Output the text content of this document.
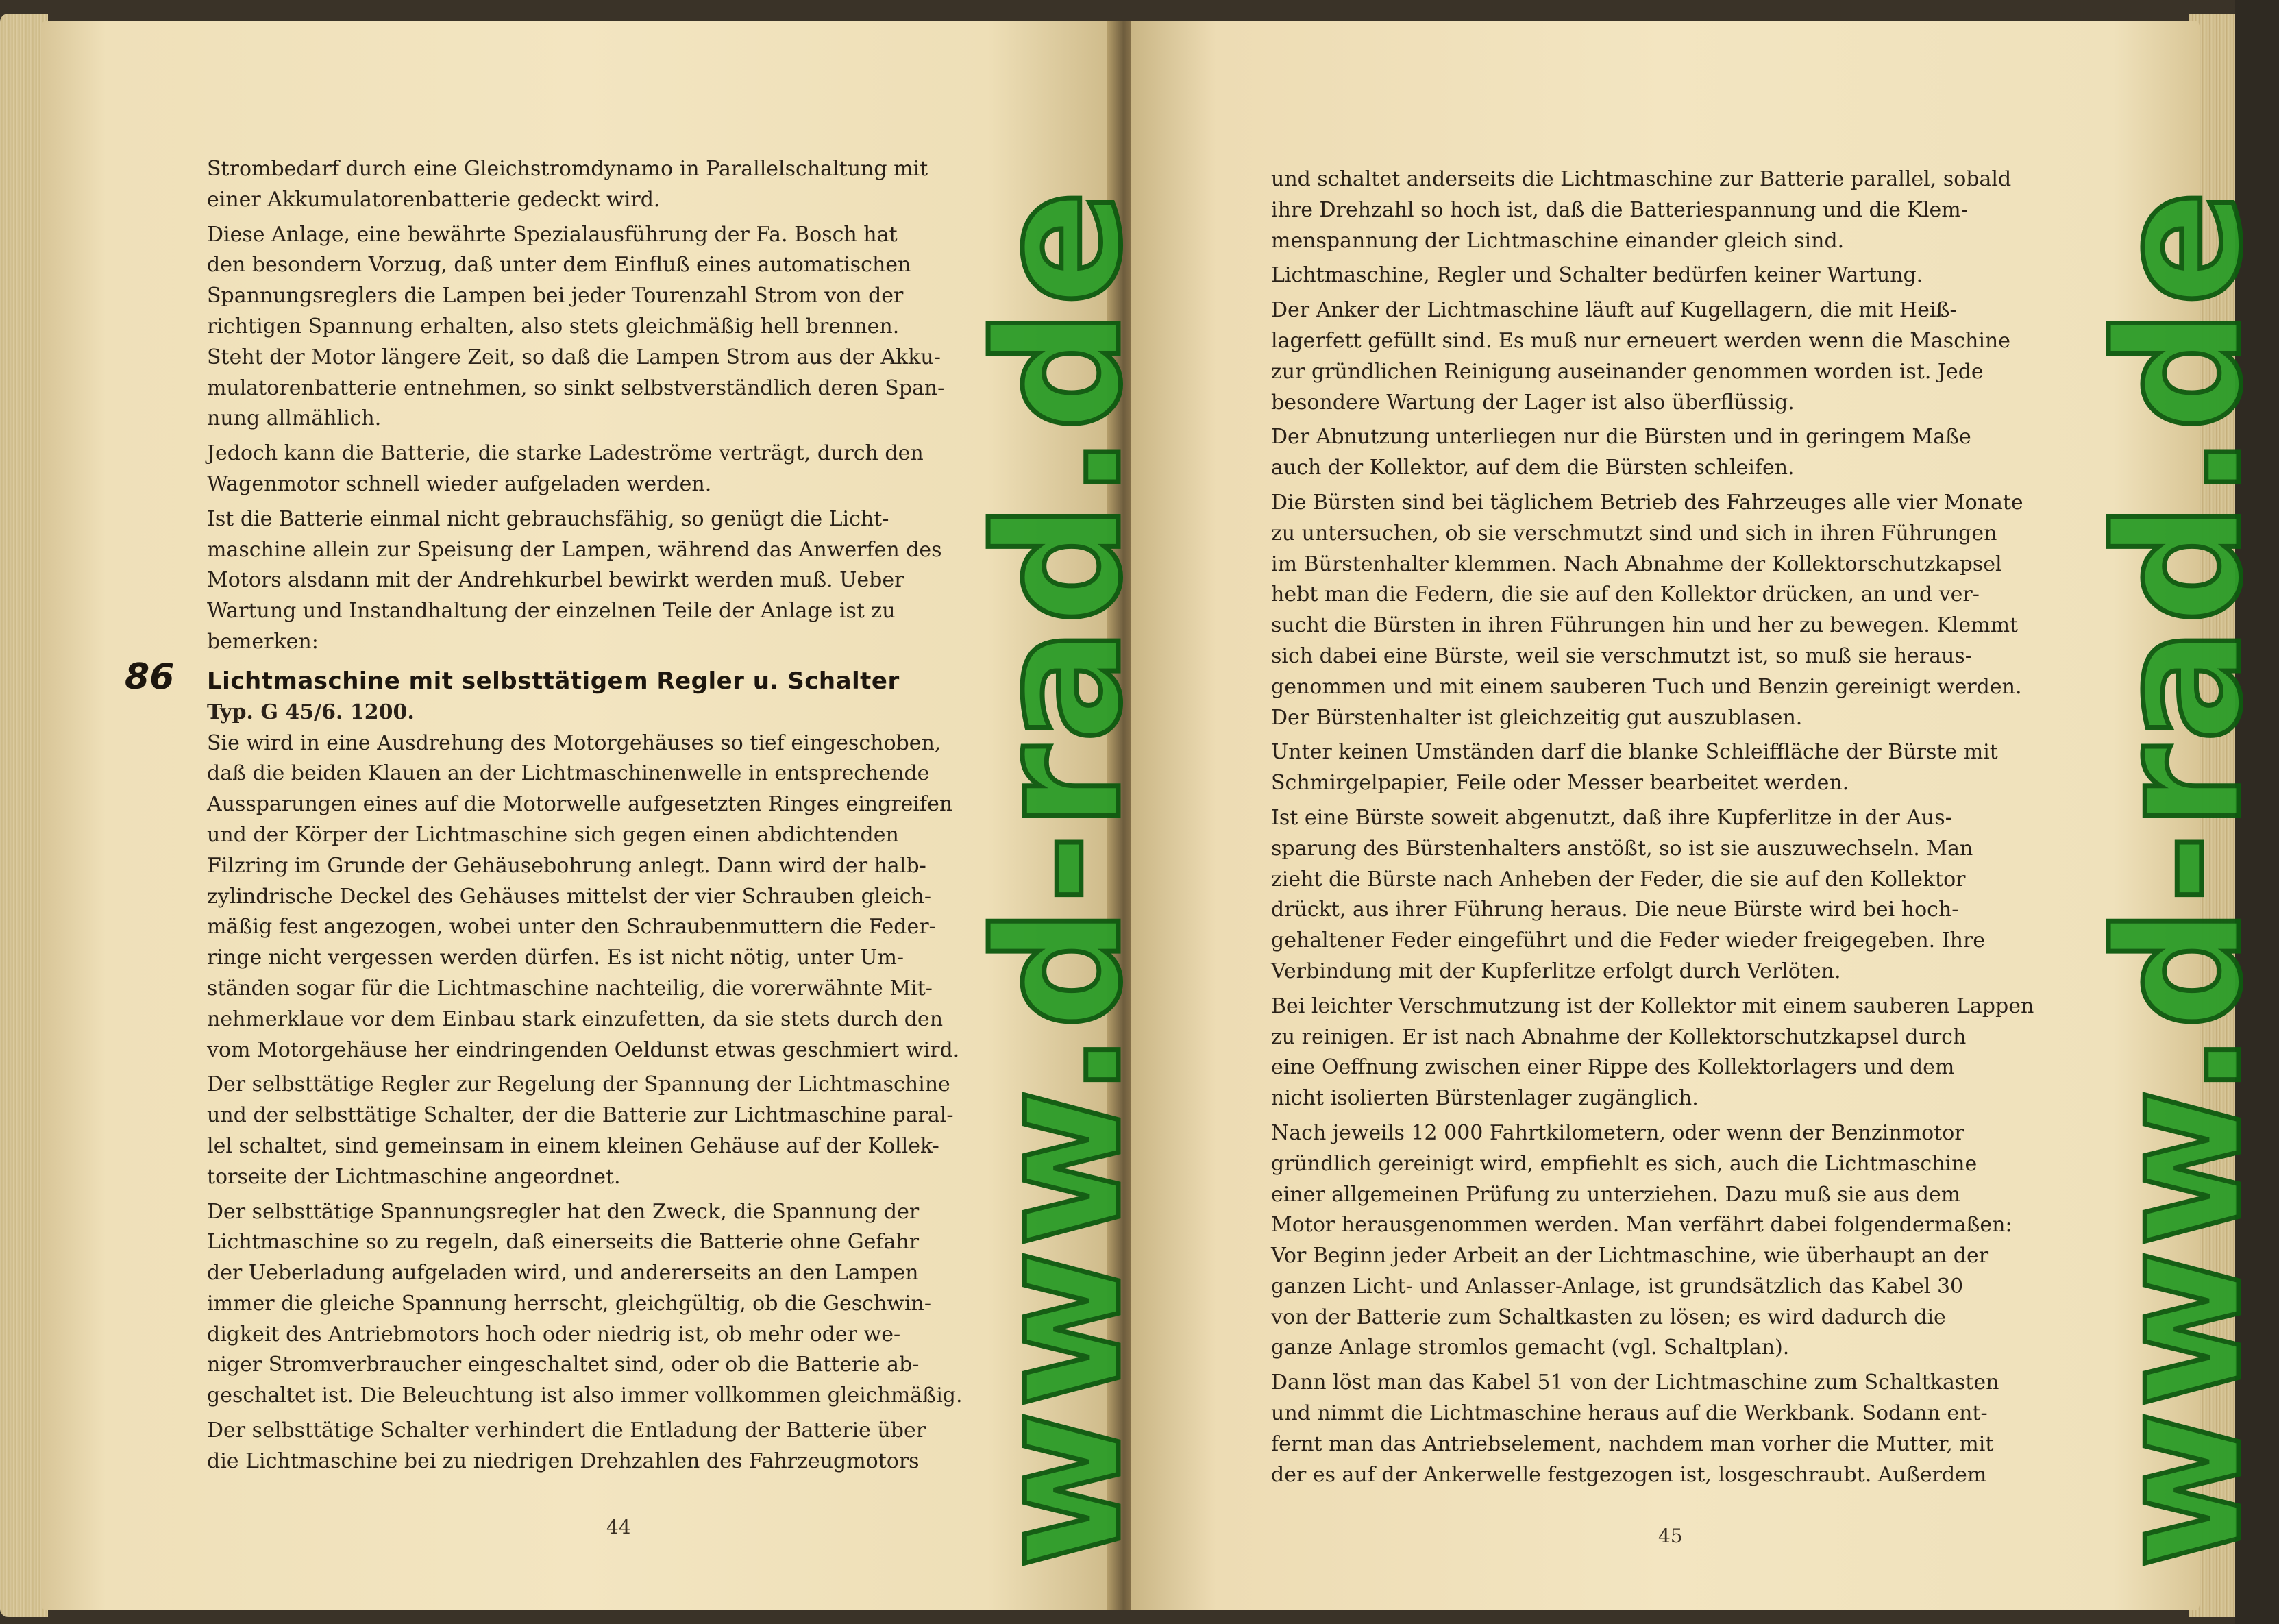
Strombedarf durch eine Gleichstromdynamo in Parallelschaltung mit
einer Akkumulatorenbatterie gedeckt wird.
Diese Anlage, eine bewährte Spezialausführung der Fa. Bosch hat
den besondern Vorzug, daß unter dem Einfluß eines automatischen
Spannungsreglers die Lampen bei jeder Tourenzahl Strom von der
richtigen Spannung erhalten, also stets gleichmäßig hell brennen.
Steht der Motor längere Zeit, so daß die Lampen Strom aus der Akku-
mulatorenbatterie entnehmen, so sinkt selbstverständlich deren Span-
nung allmählich.
Jedoch kann die Batterie, die starke Ladeströme verträgt, durch den
Wagenmotor schnell wieder aufgeladen werden.
Ist die Batterie einmal nicht gebrauchsfähig, so genügt die Licht-
maschine allein zur Speisung der Lampen, während das Anwerfen des
Motors alsdann mit der Andrehkurbel bewirkt werden muß. Ueber
Wartung und Instandhaltung der einzelnen Teile der Anlage ist zu
bemerken:
86	Lichtmaschine mit selbsttätigem Regler u. Schalter
Typ. G 45/6. 1200.
Sie wird in eine Ausdrehung des Motorgehäuses so tief eingeschoben,
daß die beiden Klauen an der Lichtmaschinenwelle in entsprechende
Aussparungen eines auf die Motorwelle aufgesetzten Ringes eingreifen
und der Körper der Lichtmaschine sich gegen einen abdichtenden
Filzring im Grunde der Gehäusebohrung anlegt. Dann wird der halb-
zylindrische Deckel des Gehäuses mittelst der vier Schrauben gleich-
mäßig fest angezogen, wobei unter den Schraubenmuttern die Feder-
ringe nicht vergessen werden dürfen. Es ist nicht nötig, unter Um-
ständen sogar für die Lichtmaschine nachteilig, die vorerwähnte Mit-
nehmerklaue vor dem Einbau stark einzufetten, da sie stets durch den
vom Motorgehäuse her eindringenden Oeldunst etwas geschmiert wird.
Der selbsttätige Regler zur Regelung der Spannung der Lichtmaschine
und der selbsttätige Schalter, der die Batterie zur Lichtmaschine paral-
lel schaltet, sind gemeinsam in einem kleinen Gehäuse auf der Kollek-
torseite der Lichtmaschine angeordnet.
Der selbsttätige Spannungsregler hat den Zweck, die Spannung der
Lichtmaschine so zu regeln, daß einerseits die Batterie ohne Gefahr
der Ueberladung aufgeladen wird, und andererseits an den Lampen
immer die gleiche Spannung herrscht, gleichgültig, ob die Geschwin-
digkeit des Antriebmotors hoch oder niedrig ist, ob mehr oder we-
niger Stromverbraucher eingeschaltet sind, oder ob die Batterie ab-
geschaltet ist. Die Beleuchtung ist also immer vollkommen gleichmäßig.
Der selbsttätige Schalter verhindert die Entladung der Batterie über
die Lichtmaschine bei zu niedrigen Drehzahlen des Fahrzeugmotors
44
und schaltet anderseits die Lichtmaschine zur Batterie parallel, sobald
ihre Drehzahl so hoch ist, daß die Batteriespannung und die Klem-
menspannung der Lichtmaschine einander gleich sind.
Lichtmaschine, Regler und Schalter bedürfen keiner Wartung.
Der Anker der Lichtmaschine läuft auf Kugellagern, die mit Heiß-
lagerfett gefüllt sind. Es muß nur erneuert werden wenn die Maschine
zur gründlichen Reinigung auseinander genommen worden ist. Jede
besondere Wartung der Lager ist also überflüssig.
Der Abnutzung unterliegen nur die Bürsten und in geringem Maße
auch der Kollektor, auf dem die Bürsten schleifen.
Die Bürsten sind bei täglichem Betrieb des Fahrzeuges alle vier Monate
zu untersuchen, ob sie verschmutzt sind und sich in ihren Führungen
im Bürstenhalter klemmen. Nach Abnahme der Kollektorschutzkapsel
hebt man die Federn, die sie auf den Kollektor drücken, an und ver-
sucht die Bürsten in ihren Führungen hin und her zu bewegen. Klemmt
sich dabei eine Bürste, weil sie verschmutzt ist, so muß sie heraus-
genommen und mit einem sauberen Tuch und Benzin gereinigt werden.
Der Bürstenhalter ist gleichzeitig gut auszublasen.
Unter keinen Umständen darf die blanke Schleiffläche der Bürste mit
Schmirgelpapier, Feile oder Messer bearbeitet werden.
Ist eine Bürste soweit abgenutzt, daß ihre Kupferlitze in der Aus-
sparung des Bürstenhalters anstößt, so ist sie auszuwechseln. Man
zieht die Bürste nach Anheben der Feder, die sie auf den Kollektor
drückt, aus ihrer Führung heraus. Die neue Bürste wird bei hoch-
gehaltener Feder eingeführt und die Feder wieder freigegeben. Ihre
Verbindung mit der Kupferlitze erfolgt durch Verlöten.
Bei leichter Verschmutzung ist der Kollektor mit einem sauberen Lappen
zu reinigen. Er ist nach Abnahme der Kollektorschutzkapsel durch
eine Oeffnung zwischen einer Rippe des Kollektorlagers und dem
nicht isolierten Bürstenlager zugänglich.
Nach jeweils 12 000 Fahrtkilometern, oder wenn der Benzinmotor
gründlich gereinigt wird, empfiehlt es sich, auch die Lichtmaschine
einer allgemeinen Prüfung zu unterziehen. Dazu muß sie aus dem
Motor herausgenommen werden. Man verfährt dabei folgendermaßen:
Vor Beginn jeder Arbeit an der Lichtmaschine, wie überhaupt an der
ganzen Licht- und Anlasser-Anlage, ist grundsätzlich das Kabel 30
von der Batterie zum Schaltkasten zu lösen; es wird dadurch die
ganze Anlage stromlos gemacht (vgl. Schaltplan).
Dann löst man das Kabel 51 von der Lichtmaschine zum Schaltkasten
und nimmt die Lichtmaschine heraus auf die Werkbank. Sodann ent-
fernt man das Antriebselement, nachdem man vorher die Mutter, mit
der es auf der Ankerwelle festgezogen ist, losgeschraubt. Außerdem
45
www.d-rad.de	www.d-rad.de
